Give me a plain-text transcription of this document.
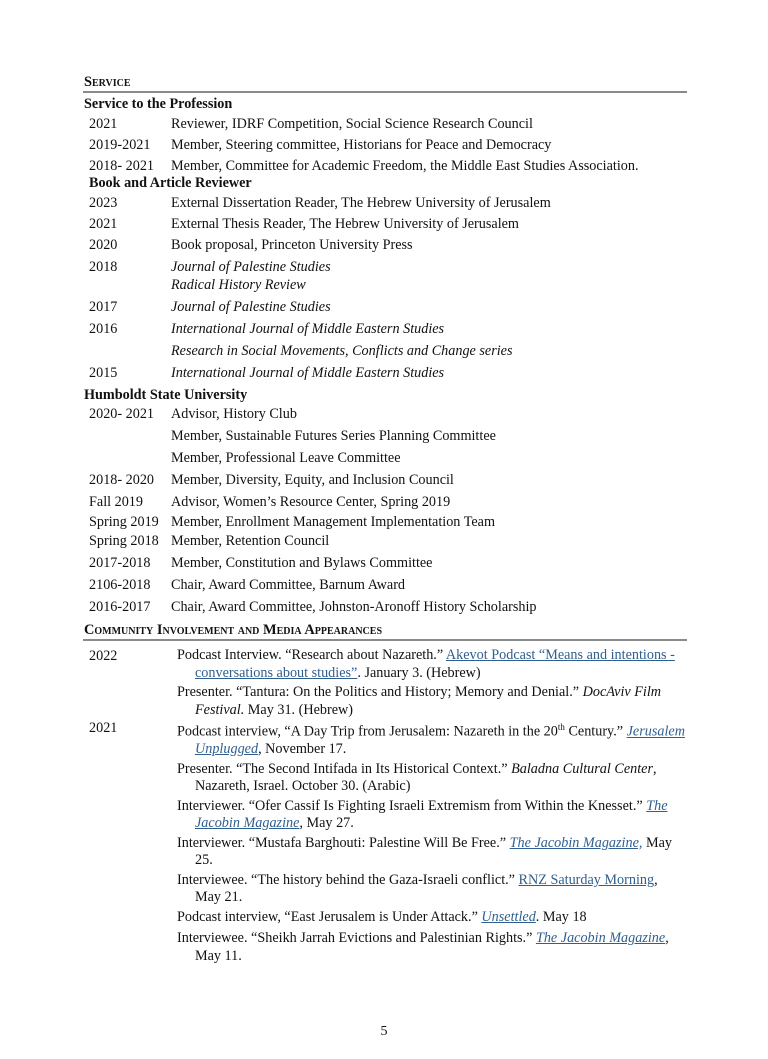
Service
Service to the Profession
2021	Reviewer, IDRF Competition, Social Science Research Council
2019-2021	Member, Steering committee, Historians for Peace and Democracy
2018- 2021	Member, Committee for Academic Freedom, the Middle East Studies Association.
Book and Article Reviewer
2023	External Dissertation Reader, The Hebrew University of Jerusalem
2021	External Thesis Reader, The Hebrew University of Jerusalem
2020	Book proposal, Princeton University Press
2018	Journal of Palestine Studies
Radical History Review
2017	Journal of Palestine Studies
2016	International Journal of Middle Eastern Studies
Research in Social Movements, Conflicts and Change series
2015	International Journal of Middle Eastern Studies
Humboldt State University
2020- 2021	Advisor, History Club
Member, Sustainable Futures Series Planning Committee
Member, Professional Leave Committee
2018- 2020	Member, Diversity, Equity, and Inclusion Council
Fall 2019	Advisor, Women’s Resource Center, Spring 2019
Spring 2019 Member, Enrollment Management Implementation Team
Spring 2018 Member, Retention Council
2017-2018	Member, Constitution and Bylaws Committee
2106-2018	Chair, Award Committee, Barnum Award
2016-2017	Chair, Award Committee, Johnston-Aronoff History Scholarship
Community Involvement and Media Appearances
2022	Podcast Interview. “Research about Nazareth.” Akevot Podcast “Means and intentions - conversations about studies”. January 3. (Hebrew)
Presenter. “Tantura: On the Politics and History; Memory and Denial.” DocAviv Film Festival. May 31. (Hebrew)
2021	Podcast interview, “A Day Trip from Jerusalem: Nazareth in the 20th Century.” Jerusalem Unplugged, November 17.
Presenter. “The Second Intifada in Its Historical Context.” Baladna Cultural Center, Nazareth, Israel. October 30. (Arabic)
Interviewer. “Ofer Cassif Is Fighting Israeli Extremism from Within the Knesset.” The Jacobin Magazine, May 27.
Interviewer. “Mustafa Barghouti: Palestine Will Be Free.” The Jacobin Magazine, May 25.
Interviewee. “The history behind the Gaza-Israeli conflict.” RNZ Saturday Morning, May 21.
Podcast interview, “East Jerusalem is Under Attack.” Unsettled. May 18
Interviewee. “Sheikh Jarrah Evictions and Palestinian Rights.” The Jacobin Magazine, May 11.
5
